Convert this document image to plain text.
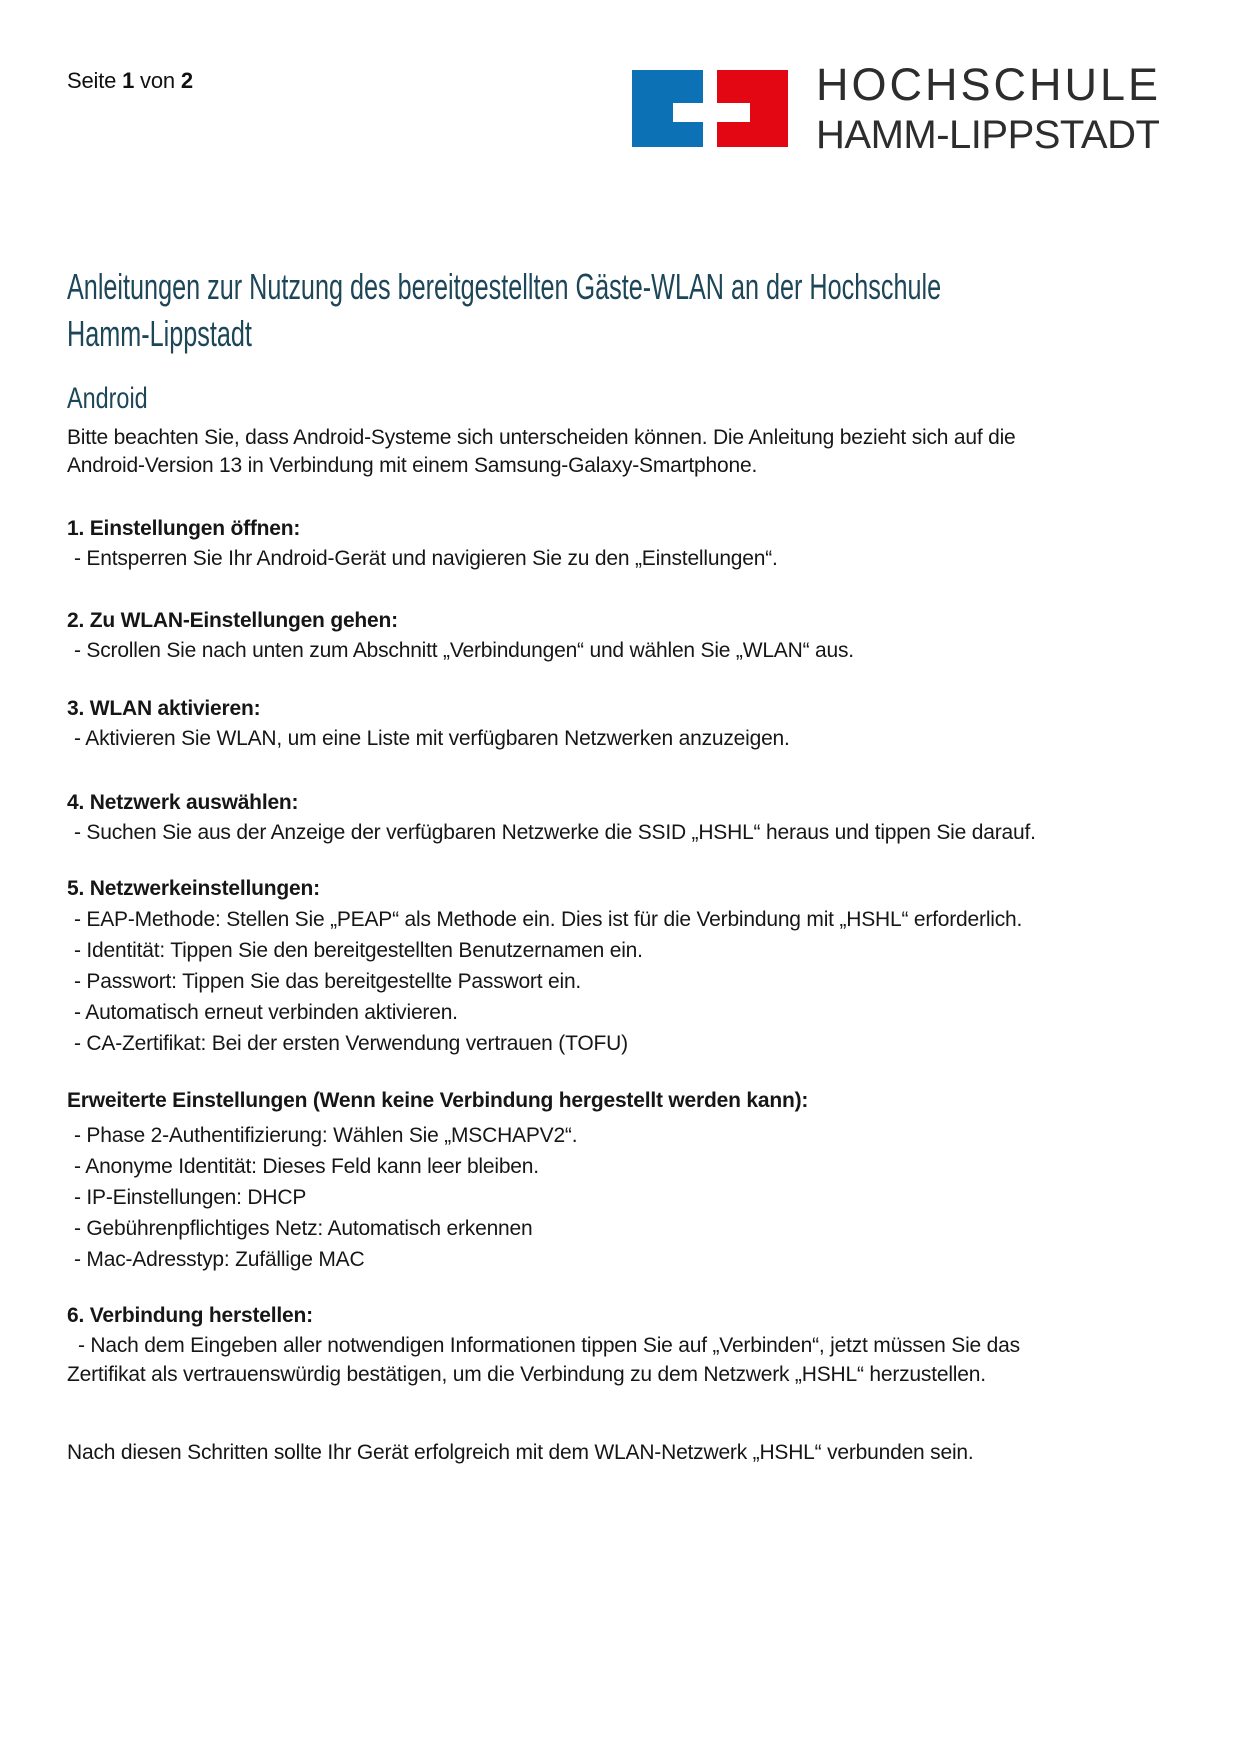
Seite 1 von 2	HOCHSCHULE
HAMM-LIPPSTADT
Anleitungen zur Nutzung des bereitgestellten Gäste-WLAN an der Hochschule
Hamm-Lippstadt
Android
Bitte beachten Sie, dass Android-Systeme sich unterscheiden können. Die Anleitung bezieht sich auf die
Android-Version 13 in Verbindung mit einem Samsung-Galaxy-Smartphone.
1. Einstellungen öffnen:
- Entsperren Sie Ihr Android-Gerät und navigieren Sie zu den „Einstellungen“.
2. Zu WLAN-Einstellungen gehen:
- Scrollen Sie nach unten zum Abschnitt „Verbindungen“ und wählen Sie „WLAN“ aus.
3. WLAN aktivieren:
- Aktivieren Sie WLAN, um eine Liste mit verfügbaren Netzwerken anzuzeigen.
4. Netzwerk auswählen:
- Suchen Sie aus der Anzeige der verfügbaren Netzwerke die SSID „HSHL“ heraus und tippen Sie darauf.
5. Netzwerkeinstellungen:
- EAP-Methode: Stellen Sie „PEAP“ als Methode ein. Dies ist für die Verbindung mit „HSHL“ erforderlich.
- Identität: Tippen Sie den bereitgestellten Benutzernamen ein.
- Passwort: Tippen Sie das bereitgestellte Passwort ein.
- Automatisch erneut verbinden aktivieren.
- CA-Zertifikat: Bei der ersten Verwendung vertrauen (TOFU)
Erweiterte Einstellungen (Wenn keine Verbindung hergestellt werden kann):
- Phase 2-Authentifizierung: Wählen Sie „MSCHAPV2“.
- Anonyme Identität: Dieses Feld kann leer bleiben.
- IP-Einstellungen: DHCP
- Gebührenpflichtiges Netz: Automatisch erkennen
- Mac-Adresstyp: Zufällige MAC
6. Verbindung herstellen:
- Nach dem Eingeben aller notwendigen Informationen tippen Sie auf „Verbinden“, jetzt müssen Sie das
Zertifikat als vertrauenswürdig bestätigen, um die Verbindung zu dem Netzwerk „HSHL“ herzustellen.
Nach diesen Schritten sollte Ihr Gerät erfolgreich mit dem WLAN-Netzwerk „HSHL“ verbunden sein.
